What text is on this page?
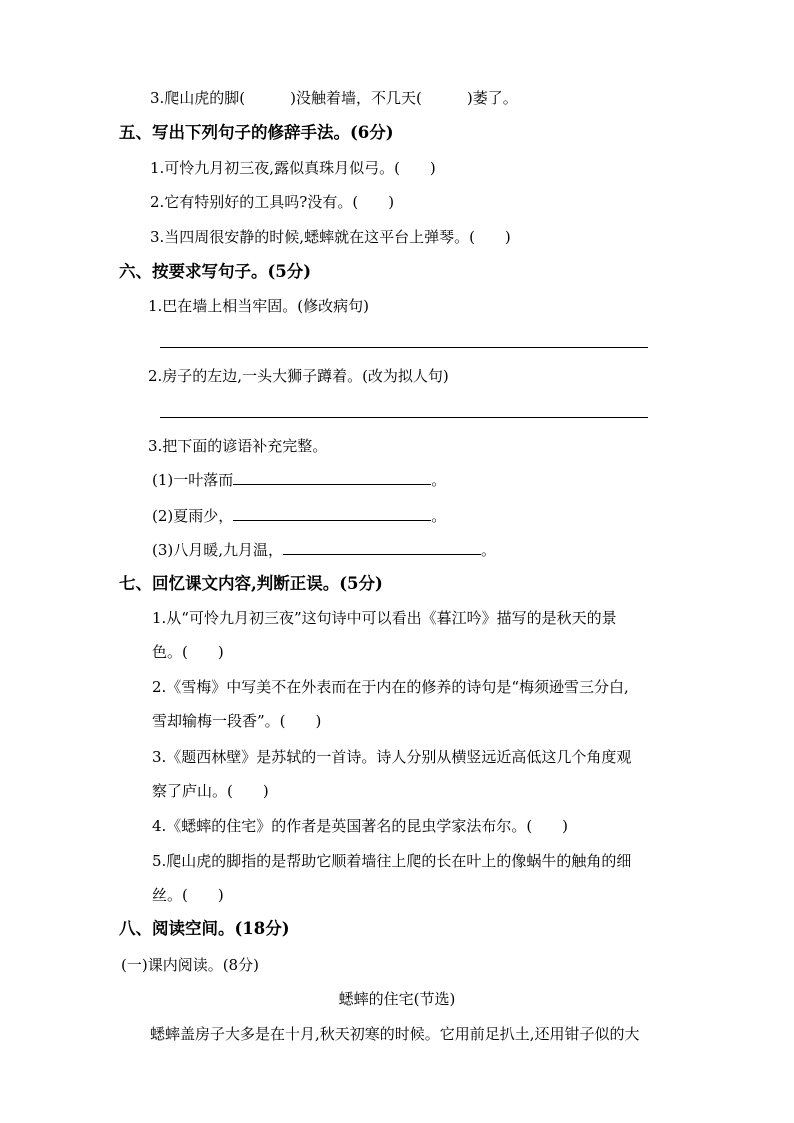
3.爬山虎的脚(　　　)没触着墙，不几天(　　　)萎了。
五、写出下列句子的修辞手法。(6分)
1.可怜九月初三夜,露似真珠月似弓。(　　)
2.它有特别好的工具吗?没有。(　　)
3.当四周很安静的时候,蟋蟀就在这平台上弹琴。(　　)
六、按要求写句子。(5分)
1.巴在墙上相当牢固。(修改病句)
2.房子的左边,一头大狮子蹲着。(改为拟人句)
3.把下面的谚语补充完整。
(1)一叶落而	。
(2)夏雨少，	。
(3)八月暖,九月温，	。
七、回忆课文内容,判断正误。(5分)
1.从“可怜九月初三夜”这句诗中可以看出《暮江吟》描写的是秋天的景
色。(　　)
2.《雪梅》中写美不在外表而在于内在的修养的诗句是“梅须逊雪三分白,
雪却输梅一段香”。(　　)
3.《题西林壁》是苏轼的一首诗。诗人分别从横竖远近高低这几个角度观
察了庐山。(　　)
4.《蟋蟀的住宅》的作者是英国著名的昆虫学家法布尔。(　　)
5.爬山虎的脚指的是帮助它顺着墙往上爬的长在叶上的像蜗牛的触角的细
丝。(　　)
八、阅读空间。(18分)
(一)课内阅读。(8分)
蟋蟀的住宅(节选)
蟋蟀盖房子大多是在十月,秋天初寒的时候。它用前足扒土,还用钳子似的大
